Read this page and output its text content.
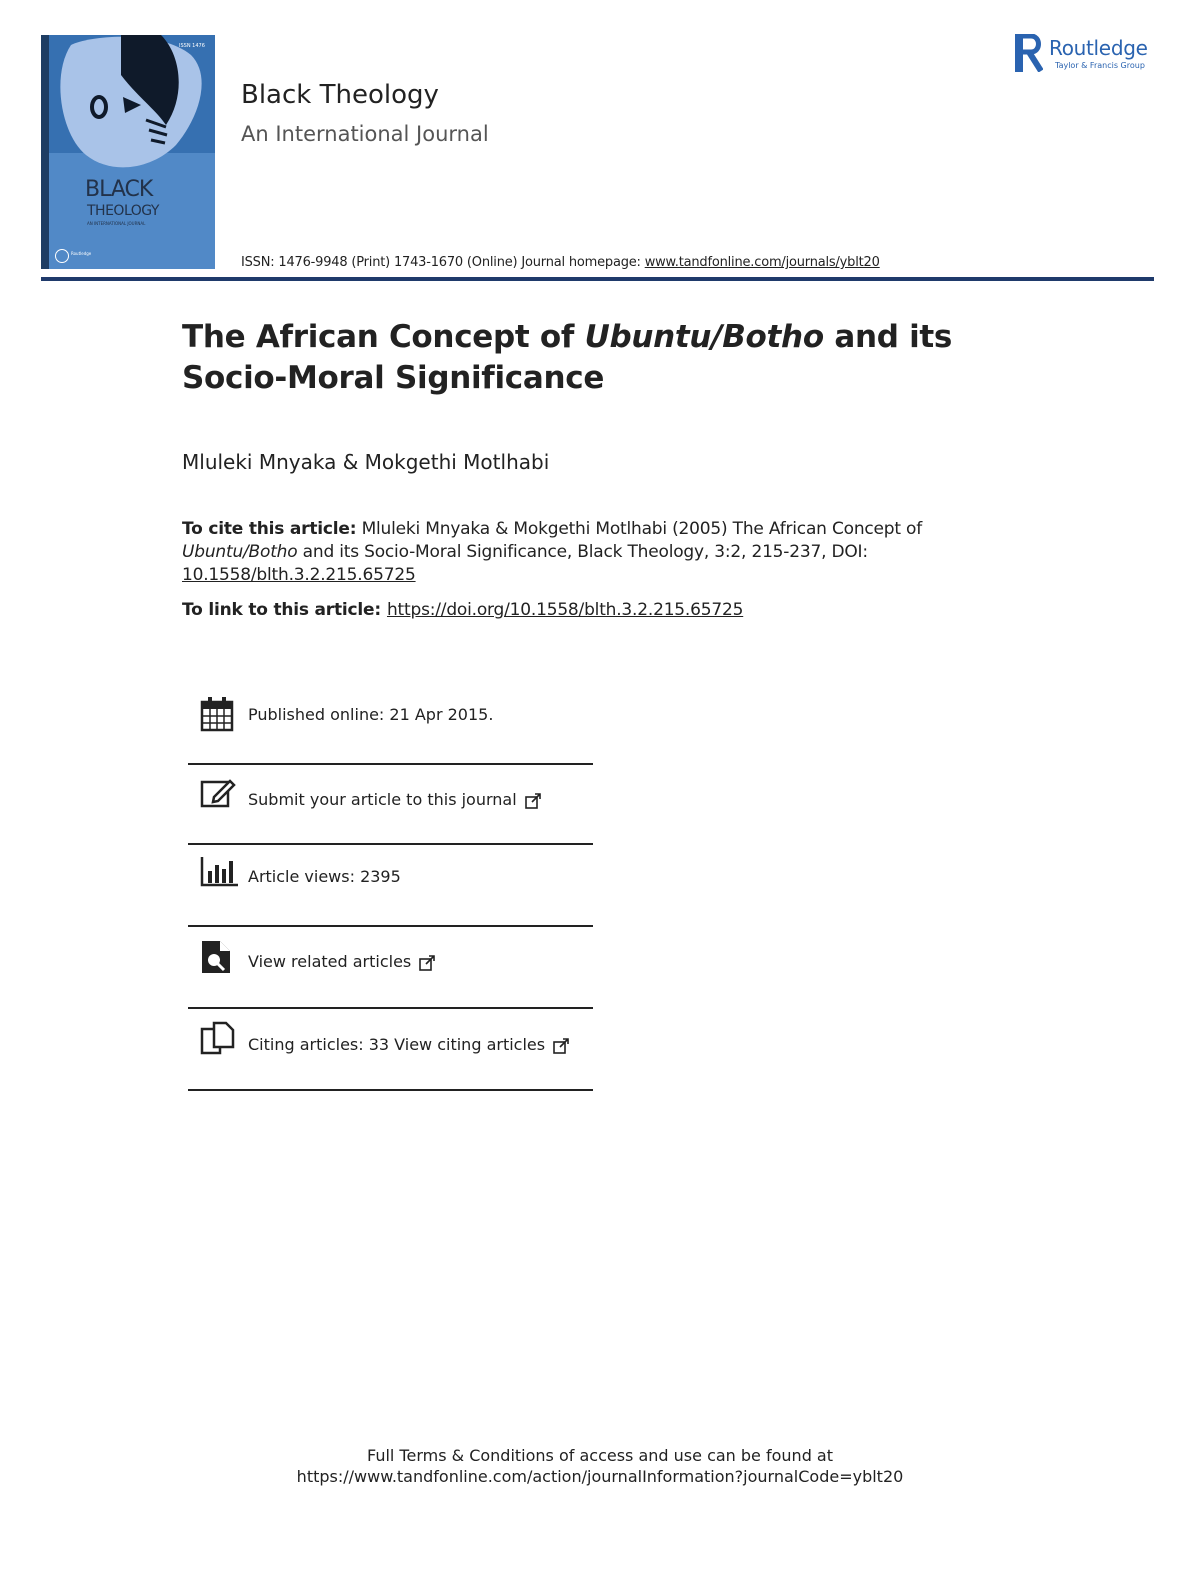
ISSN 1476
BLACK
THEOLOGY
AN INTERNATIONAL JOURNAL
Routledge
Black Theology
An International Journal
Routledge
Taylor & Francis Group
ISSN: 1476-9948 (Print) 1743-1670 (Online) Journal homepage: www.tandfonline.com/journals/yblt20
The African Concept of Ubuntu/Botho and its Socio-Moral Significance
Mluleki Mnyaka & Mokgethi Motlhabi
To cite this article: Mluleki Mnyaka & Mokgethi Motlhabi (2005) The African Concept of Ubuntu/Botho and its Socio-Moral Significance, Black Theology, 3:2, 215-237, DOI: 10.1558/blth.3.2.215.65725
To link to this article: https://doi.org/10.1558/blth.3.2.215.65725
Published online: 21 Apr 2015.
Submit your article to this journal
Article views: 2395
View related articles
Citing articles: 33 View citing articles
Full Terms & Conditions of access and use can be found at
https://www.tandfonline.com/action/journalInformation?journalCode=yblt20
